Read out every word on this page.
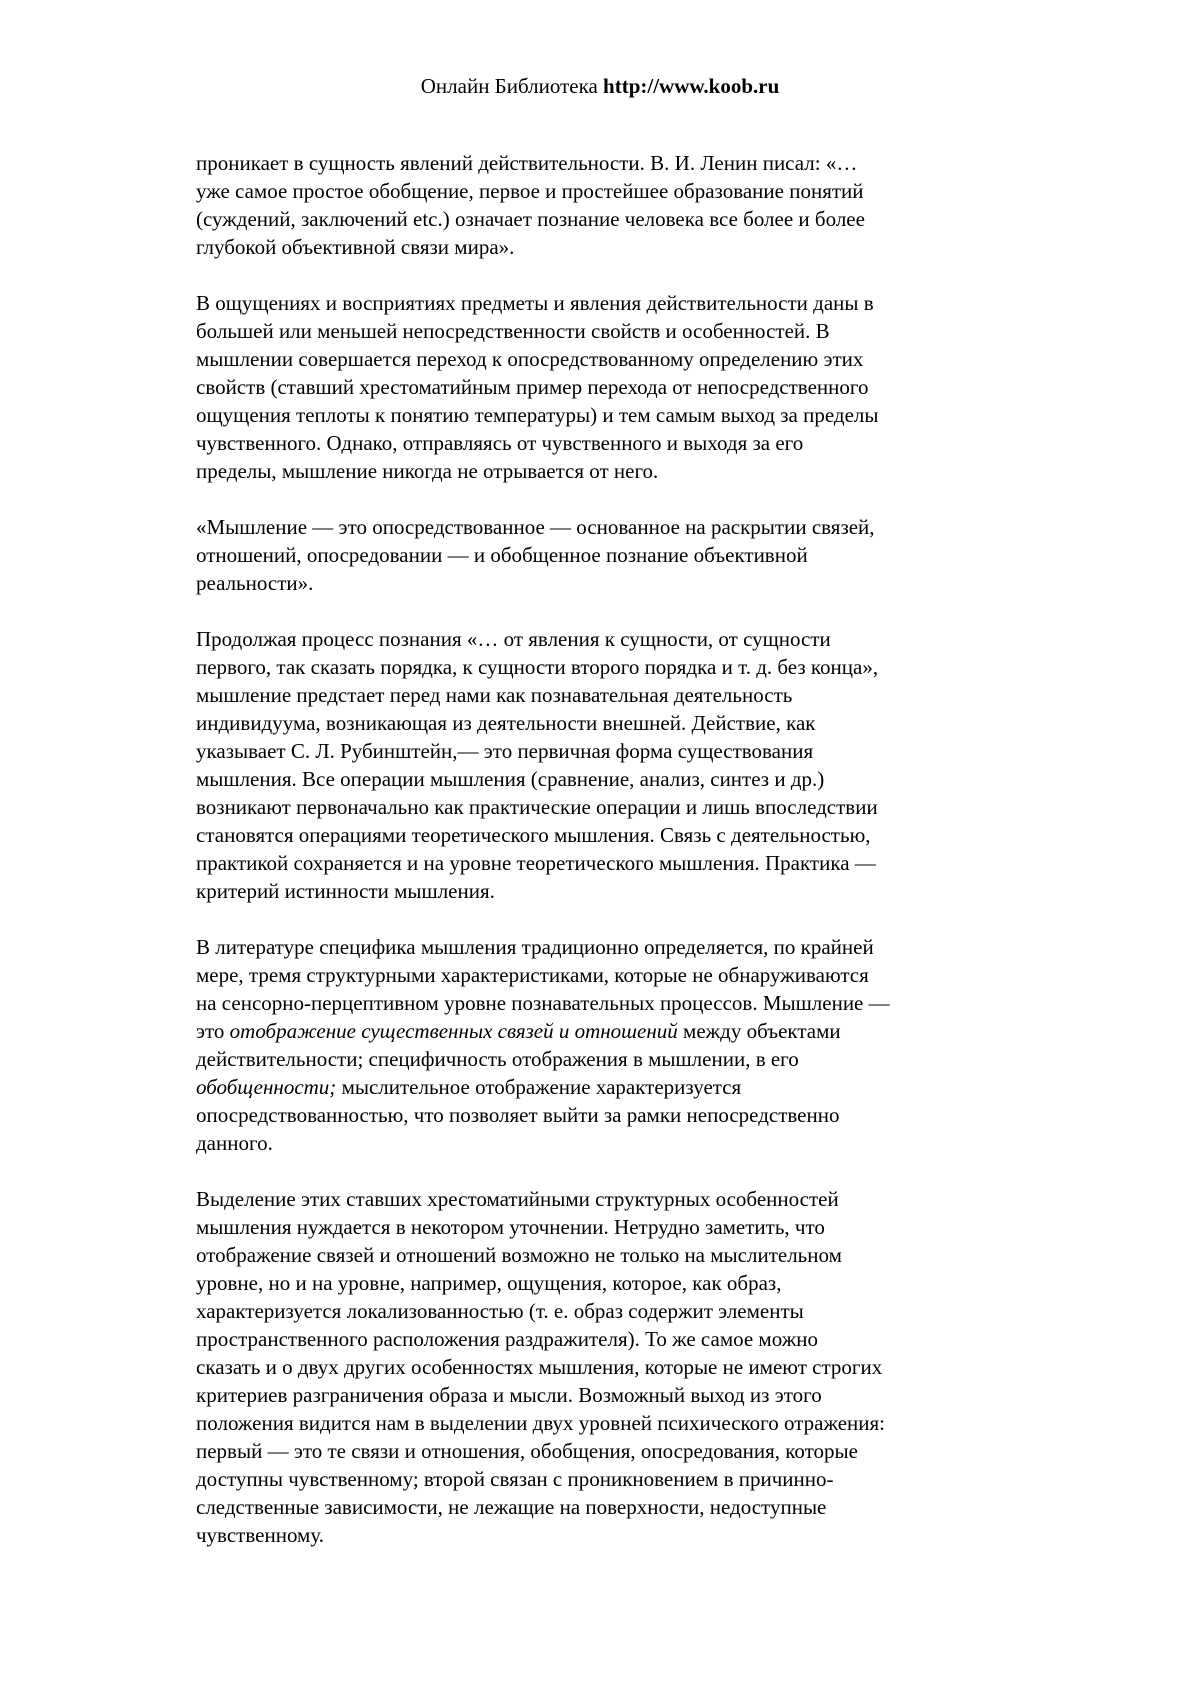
Онлайн Библиотека http://www.koob.ru
проникает в сущность явлений действительности. В. И. Ленин писал: «…
уже самое простое обобщение, первое и простейшее образование понятий
(суждений, заключений etc.) означает познание человека все более и более
глубокой объективной связи мира».
В ощущениях и восприятиях предметы и явления действительности даны в
большей или меньшей непосредственности свойств и особенностей. В
мышлении совершается переход к опосредствованному определению этих
свойств (ставший хрестоматийным пример перехода от непосредственного
ощущения теплоты к понятию температуры) и тем самым выход за пределы
чувственного. Однако, отправляясь от чувственного и выходя за его
пределы, мышление никогда не отрывается от него.
«Мышление — это опосредствованное — основанное на раскрытии связей,
отношений, опосредовании — и обобщенное познание объективной
реальности».
Продолжая процесс познания «… от явления к сущности, от сущности
первого, так сказать порядка, к сущности второго порядка и т. д. без конца»,
мышление предстает перед нами как познавательная деятельность
индивидуума, возникающая из деятельности внешней. Действие, как
указывает С. Л. Рубинштейн,— это первичная форма существования
мышления. Все операции мышления (сравнение, анализ, синтез и др.)
возникают первоначально как практические операции и лишь впоследствии
становятся операциями теоретического мышления. Связь с деятельностью,
практикой сохраняется и на уровне теоретического мышления. Практика —
критерий истинности мышления.
В литературе специфика мышления традиционно определяется, по крайней
мере, тремя структурными характеристиками, которые не обнаруживаются
на сенсорно-перцептивном уровне познавательных процессов. Мышление —
это отображение существенных связей и отношений между объектами
действительности; специфичность отображения в мышлении, в его
обобщенности; мыслительное отображение характеризуется
опосредствованностью, что позволяет выйти за рамки непосредственно
данного.
Выделение этих ставших хрестоматийными структурных особенностей
мышления нуждается в некотором уточнении. Нетрудно заметить, что
отображение связей и отношений возможно не только на мыслительном
уровне, но и на уровне, например, ощущения, которое, как образ,
характеризуется локализованностью (т. е. образ содержит элементы
пространственного расположения раздражителя). То же самое можно
сказать и о двух других особенностях мышления, которые не имеют строгих
критериев разграничения образа и мысли. Возможный выход из этого
положения видится нам в выделении двух уровней психического отражения:
первый — это те связи и отношения, обобщения, опосредования, которые
доступны чувственному; второй связан с проникновением в причинно-
следственные зависимости, не лежащие на поверхности, недоступные
чувственному.
